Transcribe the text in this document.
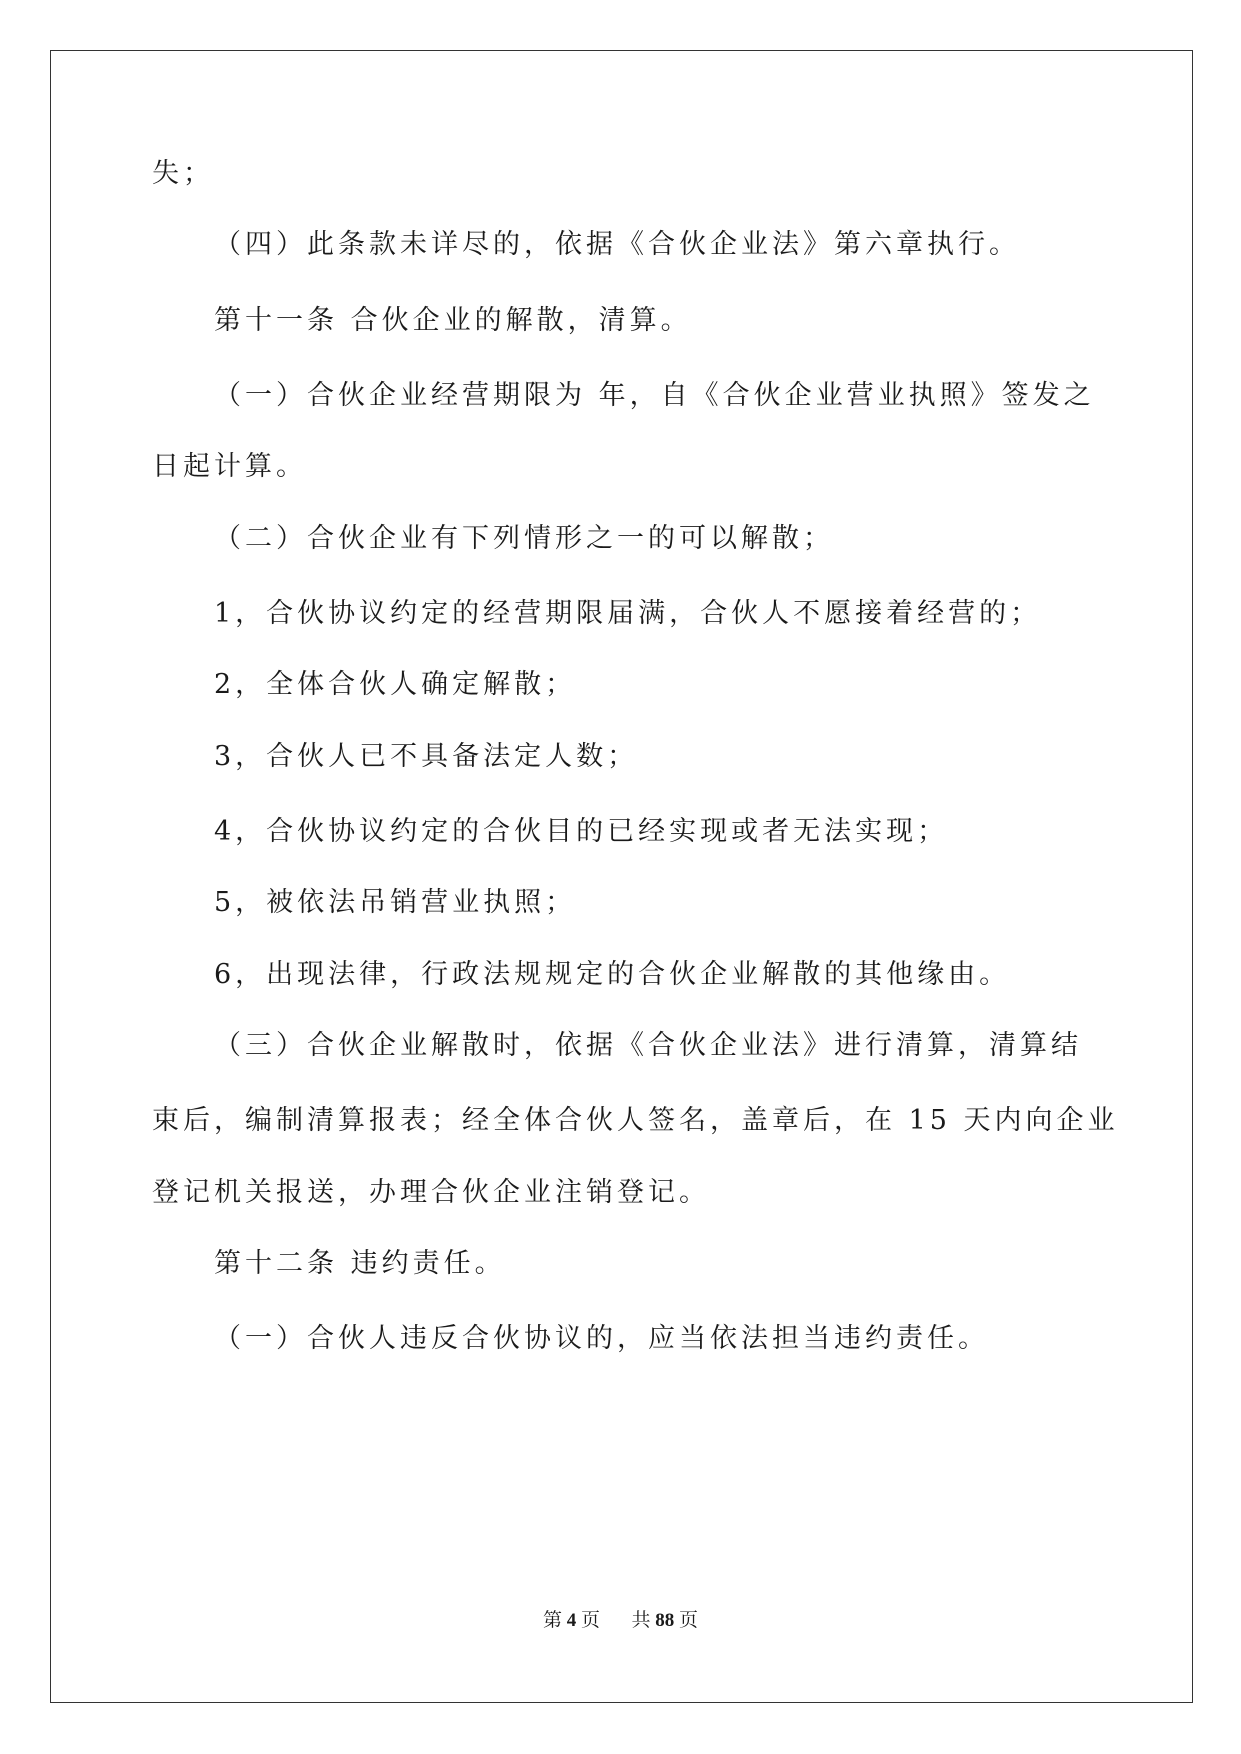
失；

（四）此条款未详尽的，依据《合伙企业法》第六章执行。

第十一条 合伙企业的解散，清算。

（一）合伙企业经营期限为 年，自《合伙企业营业执照》签发之

日起计算。

（二）合伙企业有下列情形之一的可以解散；

1，合伙协议约定的经营期限届满，合伙人不愿接着经营的；

2，全体合伙人确定解散；

3，合伙人已不具备法定人数；

4，合伙协议约定的合伙目的已经实现或者无法实现；

5，被依法吊销营业执照；

6，出现法律，行政法规规定的合伙企业解散的其他缘由。

（三）合伙企业解散时，依据《合伙企业法》进行清算，清算结

束后，编制清算报表；经全体合伙人签名，盖章后，在 15 天内向企业

登记机关报送，办理合伙企业注销登记。

第十二条 违约责任。

（一）合伙人违反合伙协议的，应当依法担当违约责任。

第 4 页 共 88 页
